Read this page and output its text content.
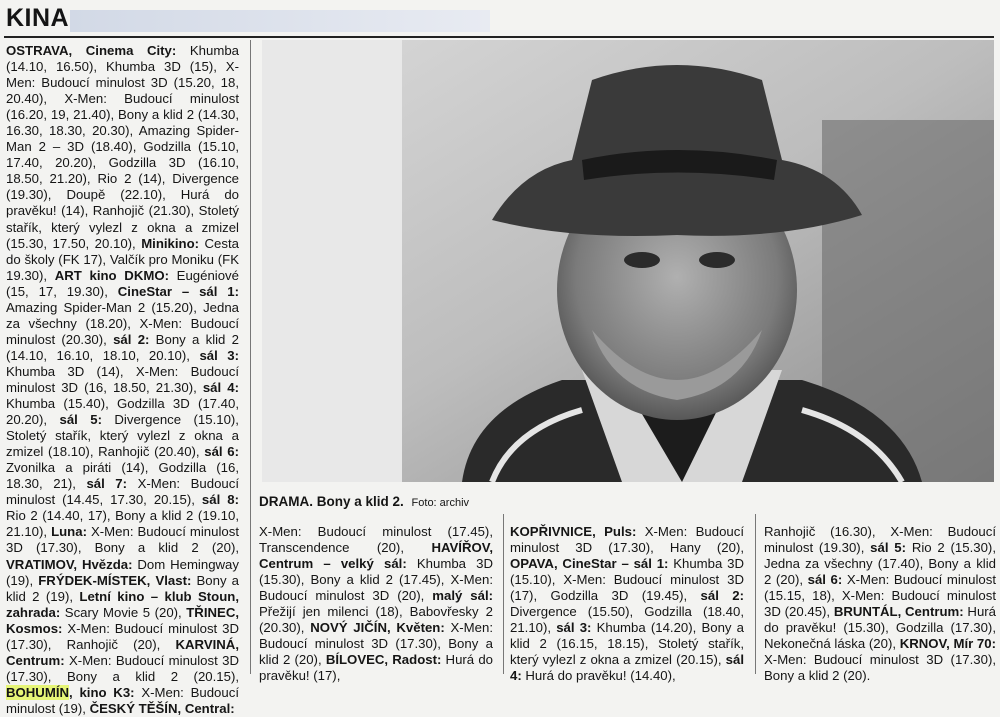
KINA

OSTRAVA, Cinema City: Khumba (14.10, 16.50), Khumba 3D (15), X-Men: Budoucí minulost 3D (15.20, 18, 20.40), X-Men: Budoucí minulost (16.20, 19, 21.40), Bony a klid 2 (14.30, 16.30, 18.30, 20.30), Amazing Spider-Man 2 – 3D (18.40), Godzilla (15.10, 17.40, 20.20), Godzilla 3D (16.10, 18.50, 21.20), Rio 2 (14), Divergence (19.30), Doupě (22.10), Hurá do pravěku! (14), Ranhojič (21.30), Stoletý stařík, který vylezl z okna a zmizel (15.30, 17.50, 20.10), Minikino: Cesta do školy (FK 17), Valčík pro Moniku (FK 19.30), ART kino DKMO: Eugéniové (15, 17, 19.30), CineStar – sál 1: Amazing Spider-Man 2 (15.20), Jedna za všechny (18.20), X-Men: Budoucí minulost (20.30), sál 2: Bony a klid 2 (14.10, 16.10, 18.10, 20.10), sál 3: Khumba 3D (14), X-Men: Budoucí minulost 3D (16, 18.50, 21.30), sál 4: Khumba (15.40), Godzilla 3D (17.40, 20.20), sál 5: Divergence (15.10), Stoletý stařík, který vylezl z okna a zmizel (18.10), Ranhojič (20.40), sál 6: Zvonilka a piráti (14), Godzilla (16, 18.30, 21), sál 7: X-Men: Budoucí minulost (14.45, 17.30, 20.15), sál 8: Rio 2 (14.40, 17), Bony a klid 2 (19.10, 21.10), Luna: X-Men: Budoucí minulost 3D (17.30), Bony a klid 2 (20), VRATIMOV, Hvězda: Dom Hemingway (19), FRÝDEK-MÍSTEK, Vlast: Bony a klid 2 (19), Letní kino – klub Stoun, zahrada: Scary Movie 5 (20), TŘINEC, Kosmos: X-Men: Budoucí minulost 3D (17.30), Ranhojič (20), KARVINÁ, Centrum: X-Men: Budoucí minulost 3D (17.30), Bony a klid 2 (20.15), BOHUMÍN, kino K3: X-Men: Budoucí minulost (19), ČESKÝ TĚŠÍN, Central:

DRAMA. Bony a klid 2. Foto: archiv

X-Men: Budoucí minulost (17.45), Transcendence (20), HAVÍŘOV, Centrum – velký sál: Khumba 3D (15.30), Bony a klid 2 (17.45), X-Men: Budoucí minulost 3D (20), malý sál: Přežijí jen milenci (18), Babovřesky 2 (20.30), NOVÝ JIČÍN, Květen: X-Men: Budoucí minulost 3D (17.30), Bony a klid 2 (20), BÍLOVEC, Radost: Hurá do pravěku! (17),

KOPŘIVNICE, Puls: X-Men: Budoucí minulost 3D (17.30), Hany (20), OPAVA, CineStar – sál 1: Khumba 3D (15.10), X-Men: Budoucí minulost 3D (17), Godzilla 3D (19.45), sál 2: Divergence (15.50), Godzilla (18.40, 21.10), sál 3: Khumba (14.20), Bony a klid 2 (16.15, 18.15), Stoletý stařík, který vylezl z okna a zmizel (20.15), sál 4: Hurá do pravěku! (14.40),

Ranhojič (16.30), X-Men: Budoucí minulost (19.30), sál 5: Rio 2 (15.30), Jedna za všechny (17.40), Bony a klid 2 (20), sál 6: X-Men: Budoucí minulost (15.15, 18), X-Men: Budoucí minulost 3D (20.45), BRUNTÁL, Centrum: Hurá do pravěku! (15.30), Godzilla (17.30), Nekonečná láska (20), KRNOV, Mír 70: X-Men: Budoucí minulost 3D (17.30), Bony a klid 2 (20).
